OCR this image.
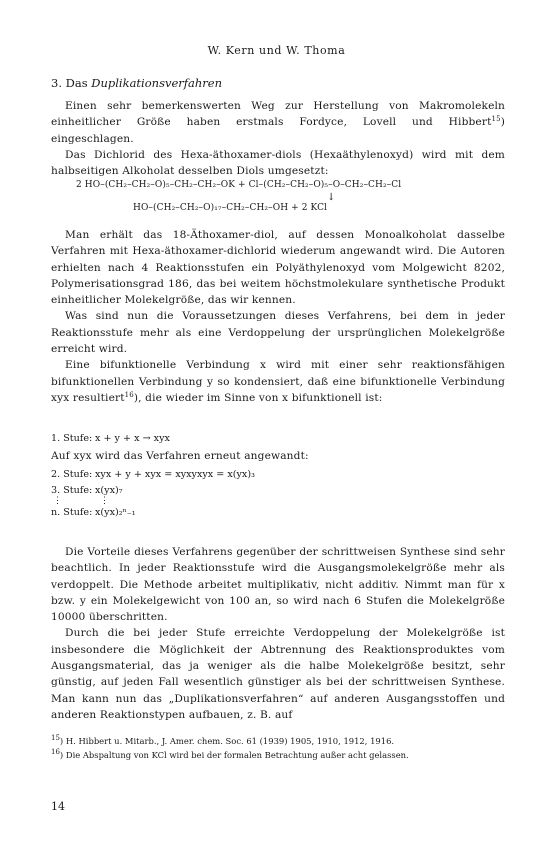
W. Kern und W. Thoma
3. Das Duplikationsverfahren

Einen sehr bemerkenswerten Weg zur Herstellung von Makromolekeln einheitlicher Größe haben erstmals Fordyce, Lovell und Hibbert$^{15}$) eingeschlagen.

Das Dichlorid des Hexa-äthoxamer-diols (Hexaäthylenoxyd) wird mit dem halbseitigen Alkoholat desselben Diols umgesetzt:

2 HO–(CH₂–CH₂–O)₅–CH₂–CH₂–OK + Cl–(CH₂–CH₂–O)₅–O–CH₂–CH₂–Cl
↓
HO–(CH₂–CH₂–O)₁₇–CH₂–CH₂–OH + 2 KCl

Man erhält das 18-Äthoxamer-diol, auf dessen Monoalkoholat dasselbe Verfahren mit Hexa-äthoxamer-dichlorid wiederum angewandt wird. Die Autoren erhielten nach 4 Reaktionsstufen ein Polyäthylenoxyd vom Molgewicht 8202, Polymerisationsgrad 186, das bei weitem höchstmolekulare synthetische Produkt einheitlicher Molekelgröße, das wir kennen.

Was sind nun die Voraussetzungen dieses Verfahrens, bei dem in jeder Reaktionsstufe mehr als eine Verdoppelung der ursprünglichen Molekelgröße erreicht wird.

Eine bifunktionelle Verbindung x wird mit einer sehr reaktionsfähigen bifunktionellen Verbindung y so kondensiert, daß eine bifunktionelle Verbindung xyx resultiert$^{16}$), die wieder im Sinne von x bifunktionell ist:

1. Stufe: x + y + x → xyx

Auf xyx wird das Verfahren erneut angewandt:

2. Stufe: xyx + y + xyx = xyxyxyx = x(yx)₃
3. Stufe: x(yx)₇
⋮	⋮
n. Stufe: x(yx)₂ⁿ₋₁

Die Vorteile dieses Verfahrens gegenüber der schrittweisen Synthese sind sehr beachtlich. In jeder Reaktionsstufe wird die Ausgangsmolekelgröße mehr als verdoppelt. Die Methode arbeitet multiplikativ, nicht additiv. Nimmt man für x bzw. y ein Molekelgewicht von 100 an, so wird nach 6 Stufen die Molekelgröße 10000 überschritten.

Durch die bei jeder Stufe erreichte Verdoppelung der Molekelgröße ist insbesondere die Möglichkeit der Abtrennung des Reaktionsproduktes vom Ausgangsmaterial, das ja weniger als die halbe Molekelgröße besitzt, sehr günstig, auf jeden Fall wesentlich günstiger als bei der schrittweisen Synthese. Man kann nun das „Duplikationsverfahren“ auf anderen Ausgangsstoffen und anderen Reaktionstypen aufbauen, z. B. auf

$^{15}$) H. Hibbert u. Mitarb., J. Amer. chem. Soc. 61 (1939) 1905, 1910, 1912, 1916.
$^{16}$) Die Abspaltung von KCl wird bei der formalen Betrachtung außer acht gelassen.
14
